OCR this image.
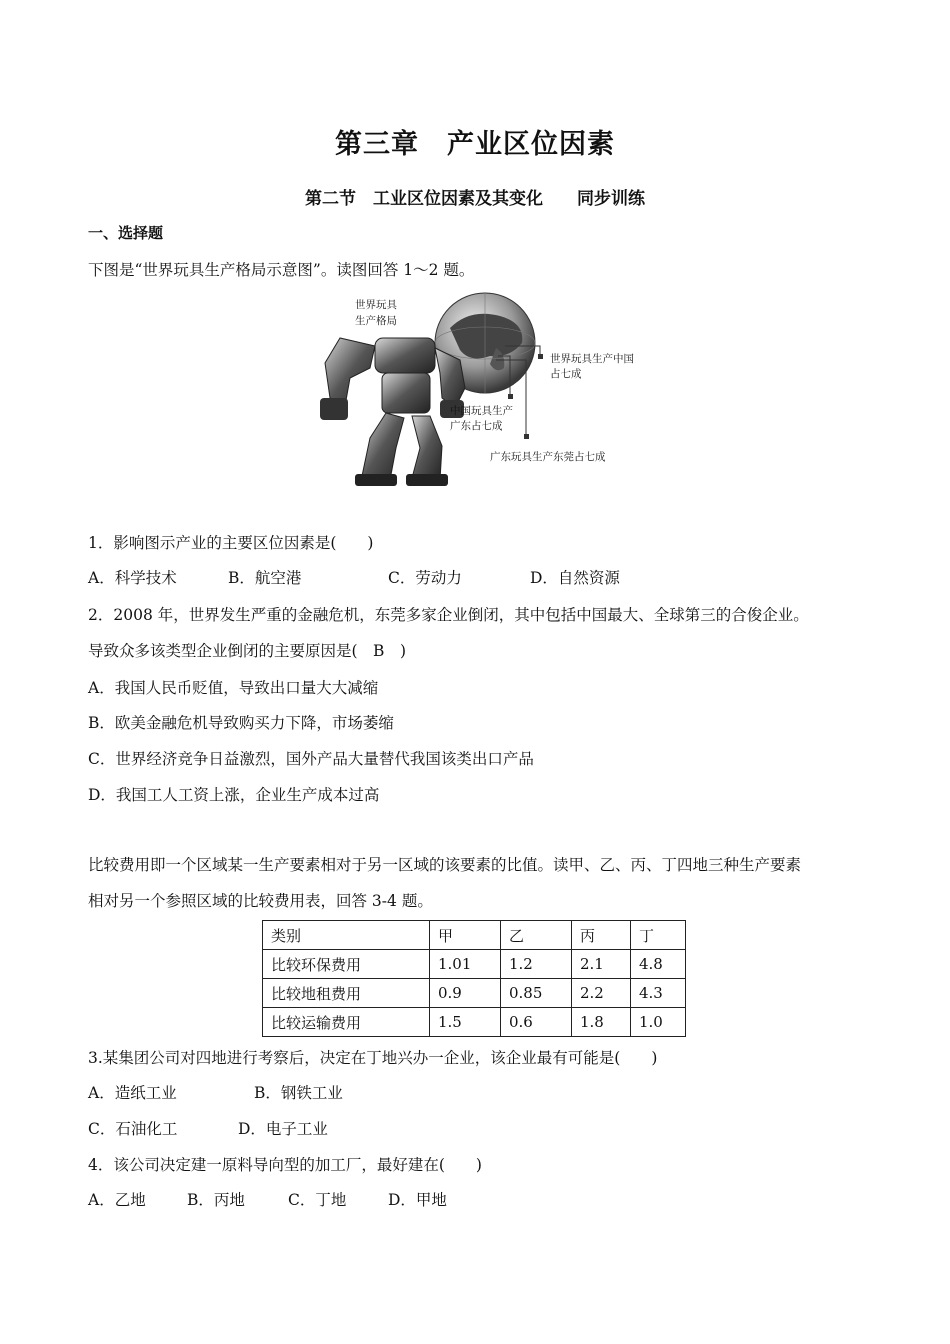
第三章　产业区位因素
第二节　工业区位因素及其变化　　同步训练
一、选择题
下图是“世界玩具生产格局示意图”。读图回答 1～2 题。
世界玩具
生产格局
世界玩具生产中国
占七成
中国玩具生产
广东占七成
广东玩具生产东莞占七成
1．影响图示产业的主要区位因素是(　　)
A．科学技术	B．航空港	C．劳动力	D．自然资源
2．2008 年，世界发生严重的金融危机，东莞多家企业倒闭，其中包括中国最大、全球第三的合俊企业。
导致众多该类型企业倒闭的主要原因是(　B　)
A．我国人民币贬值，导致出口量大大减缩
B．欧美金融危机导致购买力下降，市场萎缩
C．世界经济竞争日益激烈，国外产品大量替代我国该类出口产品
D．我国工人工资上涨，企业生产成本过高
比较费用即一个区域某一生产要素相对于另一区域的该要素的比值。读甲、乙、丙、丁四地三种生产要素
相对另一个参照区域的比较费用表，回答 3-4 题。
类别	甲	乙	丙	丁
比较环保费用	1.01	1.2	2.1	4.8
比较地租费用	0.9	0.85	2.2	4.3
比较运输费用	1.5	0.6	1.8	1.0
3.某集团公司对四地进行考察后，决定在丁地兴办一企业，该企业最有可能是(　　)
A．造纸工业	B．钢铁工业
C．石油化工	D．电子工业
4．该公司决定建一原料导向型的加工厂，最好建在(　　)
A．乙地	B．丙地	C．丁地	D．甲地
